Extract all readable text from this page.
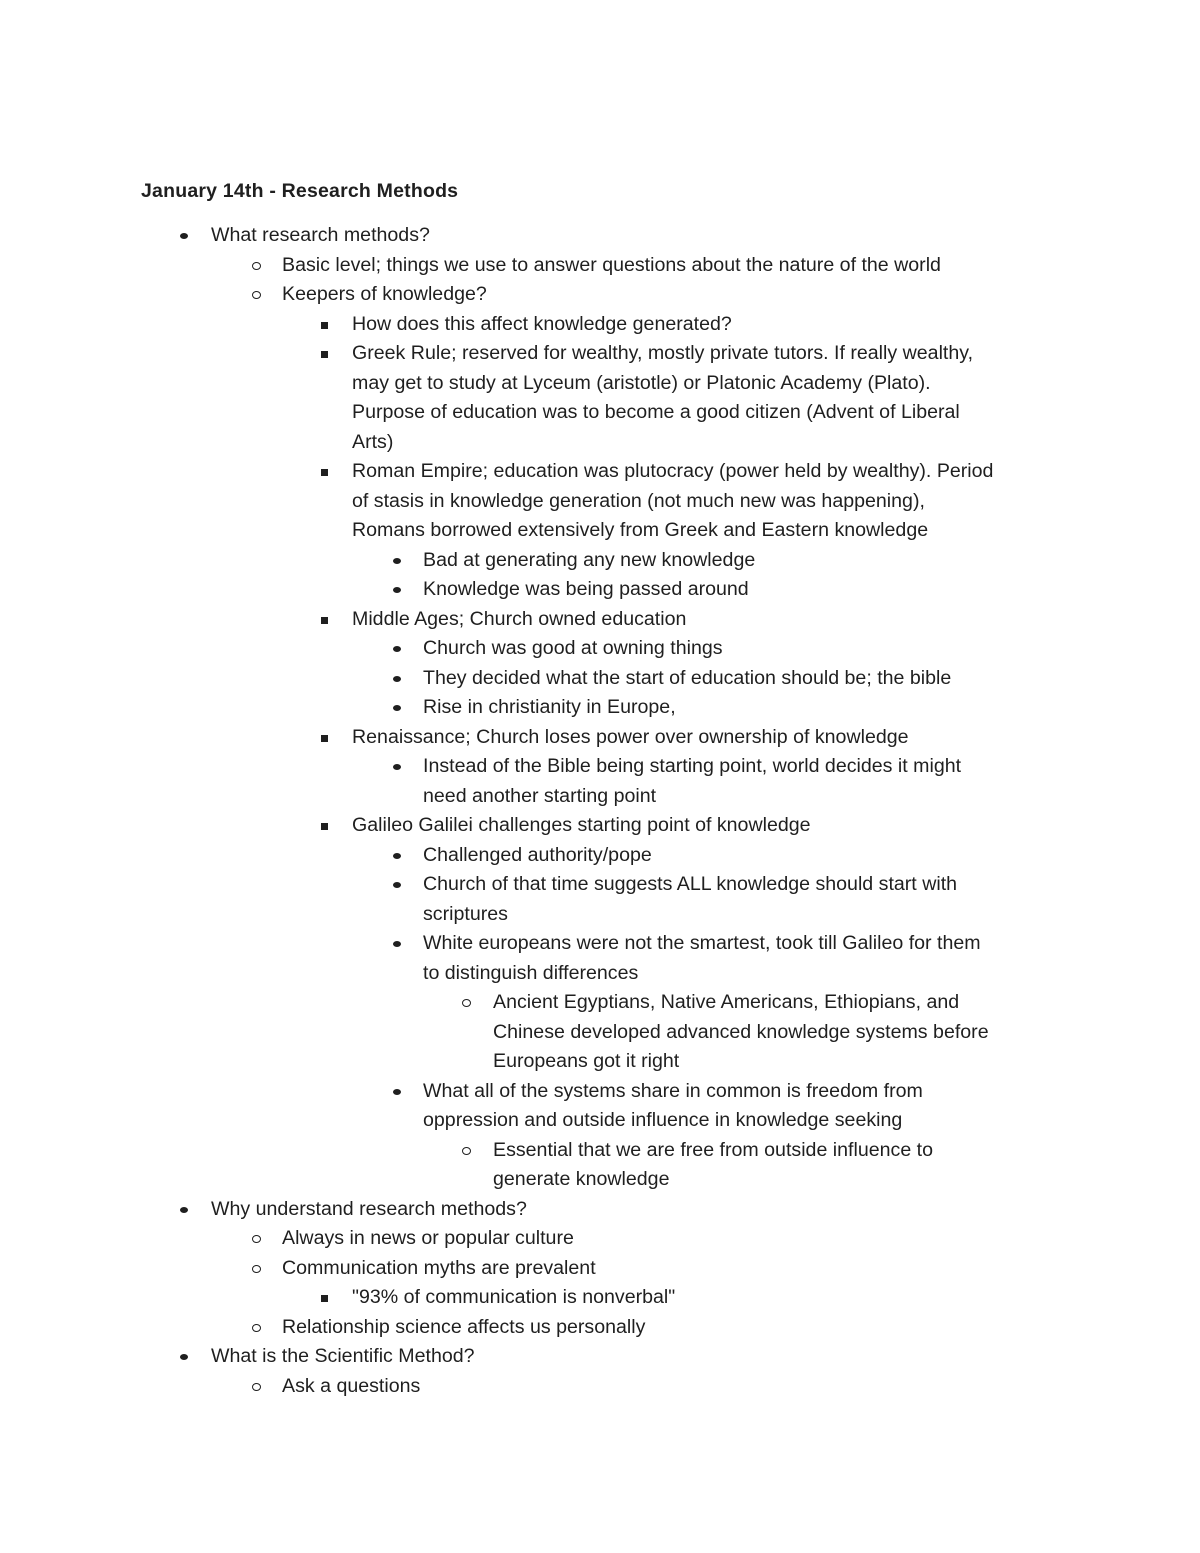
January 14th - Research Methods
What research methods?
Basic level; things we use to answer questions about the nature of the world
Keepers of knowledge?
How does this affect knowledge generated?
Greek Rule; reserved for wealthy, mostly private tutors. If really wealthy,
may get to study at Lyceum (aristotle) or Platonic Academy (Plato).
Purpose of education was to become a good citizen (Advent of Liberal
Arts)
Roman Empire; education was plutocracy (power held by wealthy). Period
of stasis in knowledge generation (not much new was happening),
Romans borrowed extensively from Greek and Eastern knowledge
Bad at generating any new knowledge
Knowledge was being passed around
Middle Ages; Church owned education
Church was good at owning things
They decided what the start of education should be; the bible
Rise in christianity in Europe,
Renaissance; Church loses power over ownership of knowledge
Instead of the Bible being starting point, world decides it might
need another starting point
Galileo Galilei challenges starting point of knowledge
Challenged authority/pope
Church of that time suggests ALL knowledge should start with
scriptures
White europeans were not the smartest, took till Galileo for them
to distinguish differences
Ancient Egyptians, Native Americans, Ethiopians, and
Chinese developed advanced knowledge systems before
Europeans got it right
What all of the systems share in common is freedom from
oppression and outside influence in knowledge seeking
Essential that we are free from outside influence to
generate knowledge
Why understand research methods?
Always in news or popular culture
Communication myths are prevalent
"93% of communication is nonverbal"
Relationship science affects us personally
What is the Scientific Method?
Ask a questions
